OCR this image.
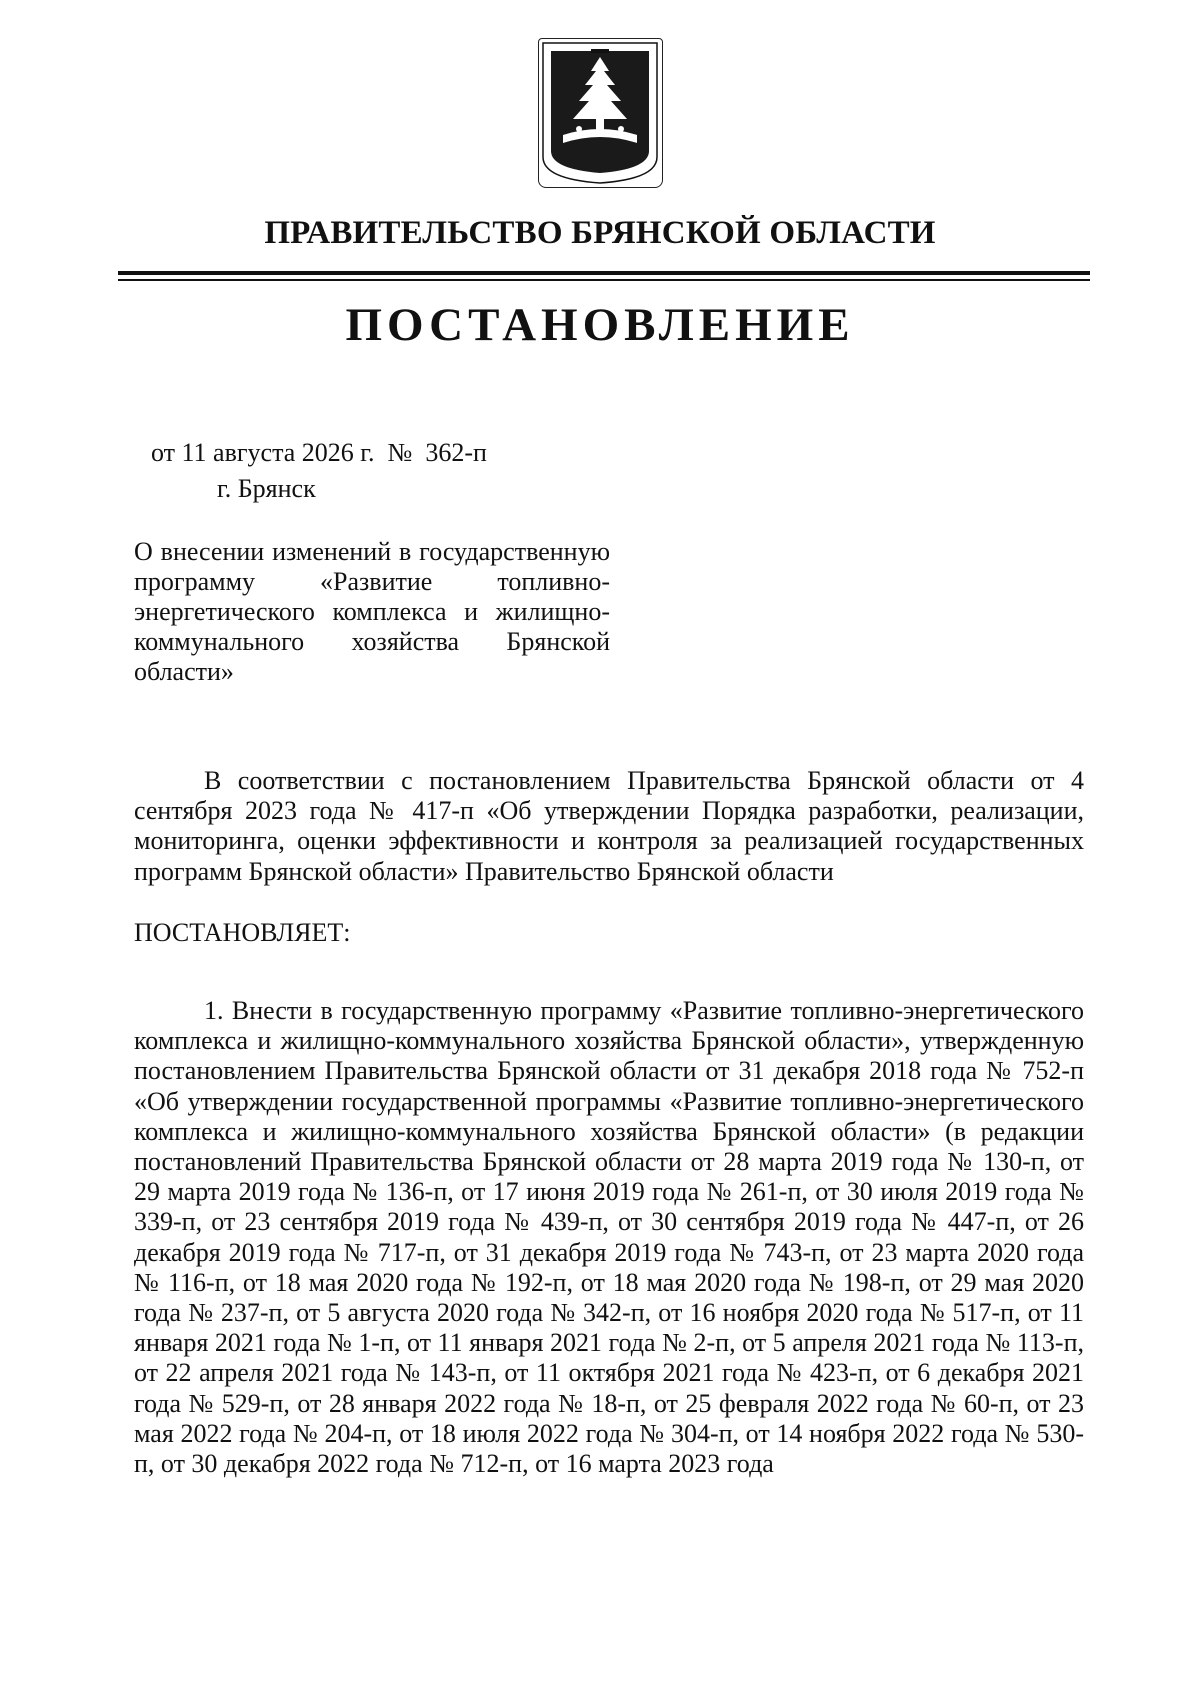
ПРАВИТЕЛЬСТВО БРЯНСКОЙ ОБЛАСТИ
ПОСТАНОВЛЕНИЕ
от 11 августа 2026 г.  №  362-п
г. Брянск
О внесении изменений в государственную программу «Развитие топливно-энергетического комплекса и жилищно-коммунального хозяйства Брянской области»
В соответствии с постановлением Правительства Брянской области от 4 сентября 2023 года № 417-п «Об утверждении Порядка разработки, реализации, мониторинга, оценки эффективности и контроля за реализацией государственных программ Брянской области» Правительство Брянской области
ПОСТАНОВЛЯЕТ:
1. Внести в государственную программу «Развитие топливно-энергетического комплекса и жилищно-коммунального хозяйства Брянской области», утвержденную постановлением Правительства Брянской области от 31 декабря 2018 года № 752-п «Об утверждении государственной программы «Развитие топливно-энергетического комплекса и жилищно-коммунального хозяйства Брянской области» (в редакции постановлений Правительства Брянской области от 28 марта 2019 года № 130-п, от 29 марта 2019 года № 136-п, от 17 июня 2019 года № 261-п, от 30 июля 2019 года № 339-п, от 23 сентября 2019 года № 439-п, от 30 сентября 2019 года № 447-п, от 26 декабря 2019 года № 717-п, от 31 декабря 2019 года № 743-п, от 23 марта 2020 года № 116-п, от 18 мая 2020 года № 192-п, от 18 мая 2020 года № 198-п, от 29 мая 2020 года № 237-п, от 5 августа 2020 года № 342-п, от 16 ноября 2020 года № 517-п, от 11 января 2021 года № 1-п, от 11 января 2021 года № 2-п, от 5 апреля 2021 года № 113-п, от 22 апреля 2021 года № 143-п, от 11 октября 2021 года № 423-п, от 6 декабря 2021 года № 529-п, от 28 января 2022 года № 18-п, от 25 февраля 2022 года № 60-п, от 23 мая 2022 года № 204-п, от 18 июля 2022 года № 304-п, от 14 ноября 2022 года № 530-п, от 30 декабря 2022 года № 712-п, от 16 марта 2023 года
